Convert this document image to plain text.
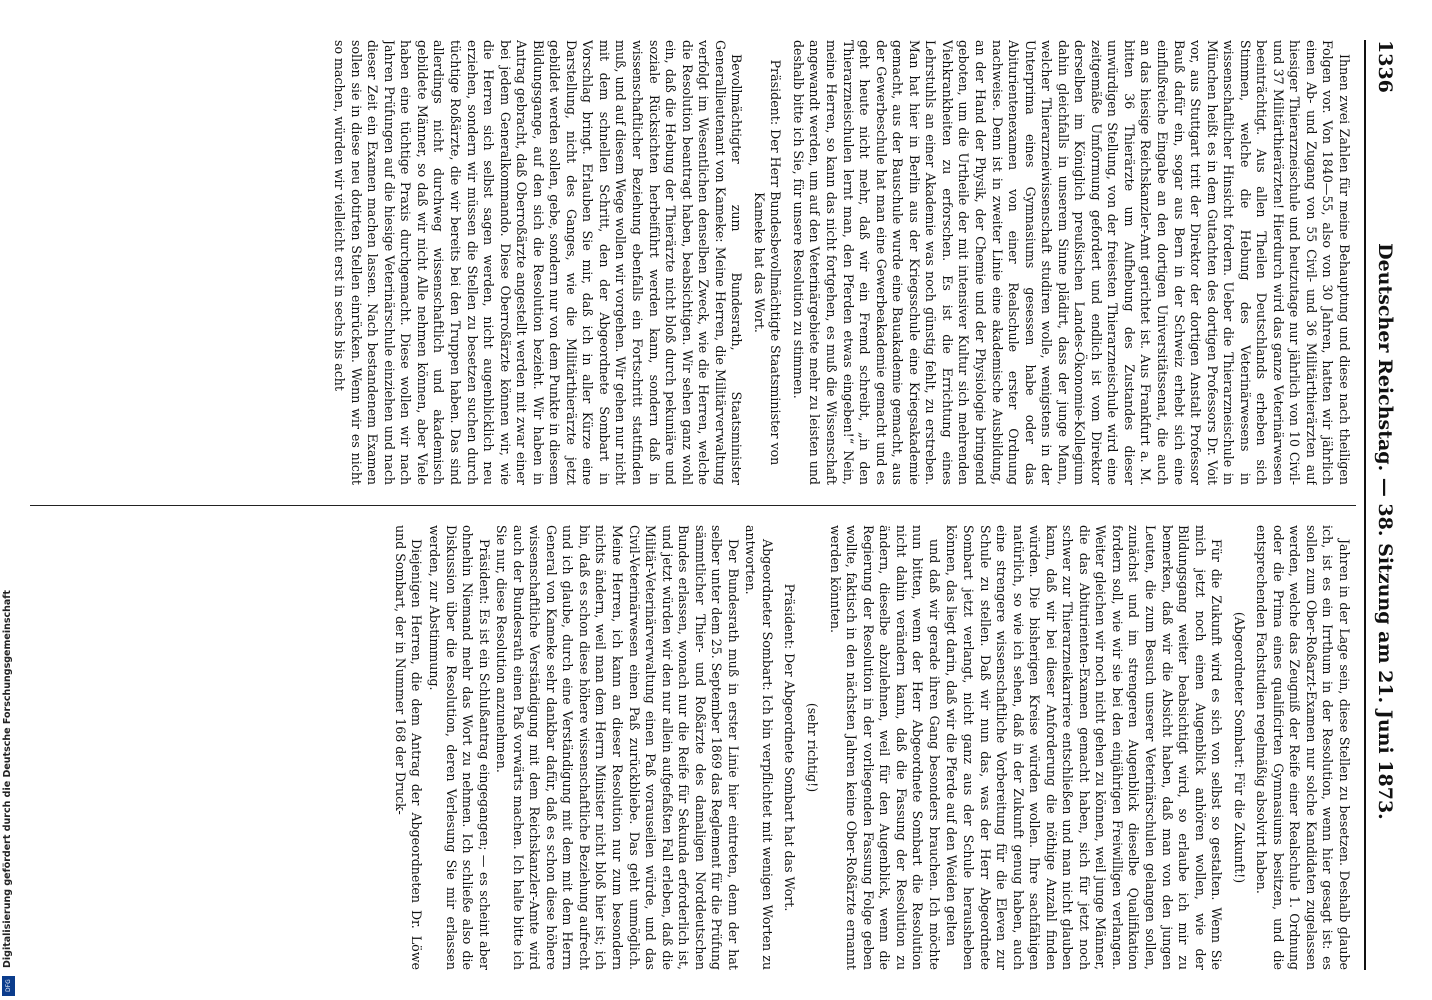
1336
Deutscher Reichstag. — 38. Sitzung am 21. Juni 1873.

Ihnen zwei Zahlen für meine Behauptung und diese nach theiligen Folgen vor. Von 1840—55, also von 30 Jahren, hatten wir jährlich einen Ab- und Zugang von 55 Civil- und 36 Militärthierärzten auf hiesiger Thierarzneischule und heutzutage nur jährlich von 10 Civil- und 37 Militärthierärzten! Hierdurch wird das ganze Veterinärwesen beeinträchtigt. Aus allen Theilen Deutschlands erheben sich Stimmen, welche die Hebung des Veterinärwesens in wissenschaftlicher Hinsicht fordern. Ueber die Thierarzneischule in München heißt es in dem Gutachten des dortigen Professors Dr. Voit vor, aus Stuttgart tritt der Direktor der dortigen Anstalt Professor Bauß dafür ein, sogar aus Bern in der Schweiz erhebt sich eine einflußreiche Eingabe an den dortigen Universitätssenat, die auch an das hiesige Reichskanzler-Amt gerichtet ist. Aus Frankfurt a. M. bitten 36 Thierärzte um Aufhebung des Zustandes dieser unwürdigen Stellung, von der freiesten Thierarzneischule wird eine zeitgemäße Umformung gefordert und endlich ist vom Direktor derselben im Königlich preußischen Landes-Ökonomie-Kollegium dahin gleichfalls in unserem Sinne plädirt, dass der junge Mann, welcher Thierarzneiwissenschaft studiren wolle, wenigstens in der Unterprima eines Gymnasiums gesessen habe oder das Abiturientenexamen von einer Realschule erster Ordnung nachweise. Denn ist in zweiter Linie eine akademische Ausbildung, an der Hand der Physik, der Chemie und der Physiologie bringend geboten, um die Urtheile der mit intensiver Kultur sich mehrenden Viehkrankheiten zu erforschen. Es ist die Errichtung eines Lehrstuhls an einer Akademie was noch günstig fehlt, zu erstreben. Man hat hier in Berlin aus der Kriegsschule eine Kriegsakademie gemacht, aus der Bauschule wurde eine Bauakademie gemacht, aus der Gewerbeschule hat man eine Gewerbeakademie gemacht und es geht heute nicht mehr, daß wir ein Fremd schreibt, „in den Thierarzneischulen lernt man, den Pferden etwas eingeben!“ Nein, meine Herren, so kann das nicht fortgehen, es muß die Wissenschaft angewandt werden, um auf den Veterinärgebiete mehr zu leisten und deshalb bitte ich Sie, für unsere Resolution zu stimmen.

Präsident: Der Herr Bundesbevollmächtigte Staatsminister von Kameke hat das Wort.

Bevollmächtigter zum Bundesrath, Staatsminister Generallieutenant von Kameke: Meine Herren, die Militärverwaltung verfolgt im Wesentlichen denselben Zweck, wie die Herren, welche die Resolution beantragt haben, beabsichtigen. Wir sehen ganz wohl ein, daß die Hebung der Thierärzte nicht bloß durch pekuniäre und soziale Rücksichten herbeiführt werden kann, sondern daß in wissenschaftlicher Beziehung ebenfalls ein Fortschritt stattfinden muß, und auf diesem Wege wollen wir vorgehen. Wir gehen nur nicht mit dem schnellen Schritt, den der Abgeordnete Sombart in Vorschlag bringt. Erlauben Sie mir, daß ich in aller Kürze eine Darstellung, nicht des Ganges, wie die Militärthierärzte jetzt gebildet werden sollen, gebe, sondern nur von dem Punkte in diesem Bildungsgange, auf den sich die Resolution bezieht. Wir haben in Antrag gebracht, daß Oberroßärzte angestellt werden mit zwar einer bei jedem Generalkommando. Diese Oberroßärzte können wir, wie die Herren sich selbst sagen werden, nicht augenblicklich neu erziehen, sondern wir müssen die Stellen zu besetzen suchen durch tüchtige Roßärzte, die wir bereits bei den Truppen haben. Das sind allerdings nicht durchweg wissenschaftlich und akademisch gebildete Männer, so daß wir nicht Alle nehmen können, aber Viele haben eine tüchtige Praxis durchgemacht. Diese wollen wir nach Jahren Prüfungen auf die hiesige Veterinärschule einziehen und nach dieser Zeit ein Examen machen lassen. Nach bestandenem Examen sollen sie in diese neu dotirten Stellen einrücken. Wenn wir es nicht so machen, würden wir vielleicht erst in sechs bis acht

Jahren in der Lage sein, diese Stellen zu besetzen. Deshalb glaube ich, ist es ein Irrthum in der Resolution, wenn hier gesagt ist: es sollen zum Ober-Roßarzt-Examen nur solche Kandidaten zugelassen werden, welche das Zeugniß der Reife einer Realschule 1. Ordnung oder die Prima eines qualificirten Gymnasiums besitzen, und die entsprechenden Fachstudien regelmäßig absolvirt haben.

(Abgeordneter Sombart: Für die Zukunft!)

Für die Zukunft wird es sich von selbst so gestalten. Wenn Sie mich jetzt noch einen Augenblick anhören wollen, wie der Bildungsgang weiter beabsichtigt wird, so erlaube ich mir zu bemerken, daß wir die Absicht haben, daß man von den jungen Leuten, die zum Besuch unserer Veterinärschulen gelangen sollen, zunächst und im strengeren Augenblick dieselbe Qualifikation fordern soll, wie wir sie bei den einjährigen Freiwilligen verlangen. Weiter gleichen wir noch nicht gehen zu können, weil junge Männer, die das Abiturienten-Examen gemacht haben, sich für jetzt noch schwer zur Thierarzneikarriere entschließen und man nicht glauben kann, daß wir bei dieser Anforderung die nöthige Anzahl finden würden. Die bisherigen Kreise würden wollen. Ihre sachfähigen natürlich, so wie ich sehen, daß in der Zukunft genug haben, auch eine strengere wissenschaftliche Vorbereitung für die Eleven zur Schule zu stellen. Daß wir nun das, was der Herr Abgeordnete Sombart jetzt verlangt, nicht ganz aus der Schule herausheben können, das liegt darin, daß wir die Pferde auf den Weiden gelten

und daß wir gerade ihren Gang besonders brauchen. Ich möchte nun bitten, wenn der Herr Abgeordnete Sombart die Resolution nicht dahin verändern kann, daß die Fassung der Resolution zu ändern, dieselbe abzulehnen, weil für den Augenblick, wenn die Regierung der Resolution in der vorliegenden Fassung Folge geben wollte, faktisch in den nächsten Jahren keine Ober-Roßärzte ernannt werden könnten.

(sehr richtig!)

Präsident: Der Abgeordnete Sombart hat das Wort.

Abgeordneter Sombart: Ich bin verpflichtet mit wenigen Worten zu antworten.

Der Bundesrath muß in erster Linie hier eintreten, denn der hat selber unter dem 25. September 1869 das Reglement für die Prüfung sämmtlicher Thier- und Roßärzte des damaligen Norddeutschen Bundes erlassen, wonach nur die Reife für Sekunda erforderlich ist, und jetzt würden wir den nur allein aufgefaßten Fall erleben, daß die Militär-Veterinärverwaltung einen Paß vorauseilen würde, und das Civil-Veterinärwesen einen Paß zurückbliebe. Das geht unmöglich. Meine Herren, ich kann an dieser Resolution nur zum besondern nichts ändern, weil man dem Herrn Minister nicht bloß hier ist; ich bin, daß es schon diese höhere wissenschaftliche Beziehung aufrecht und ich glaube, durch eine Verständigung mit dem mit dem Herrn General von Kameke sehr dankbar dafür, daß es schon diese höhere wissenschaftliche Verständigung mit dem Reichskanzler-Amte wird auch der Bundesrath einen Paß vorwärts machen. Ich halte bitte ich Sie nur, diese Resolution anzunehmen.

Präsident: Es ist ein Schlußantrag eingegangen; — es scheint aber ohnehin Niemand mehr das Wort zu nehmen. Ich schließe also die Diskussion über die Resolution, deren Verlesung Sie mir erlassen werden, zur Abstimmung.

Diejenigen Herren, die dem Antrag der Abgeordneten Dr. Löwe und Sombart, der in Nummer 168 der Druck-

Digitalisierung gefördert durch die Deutsche Forschungsgemeinschaft
DFG
